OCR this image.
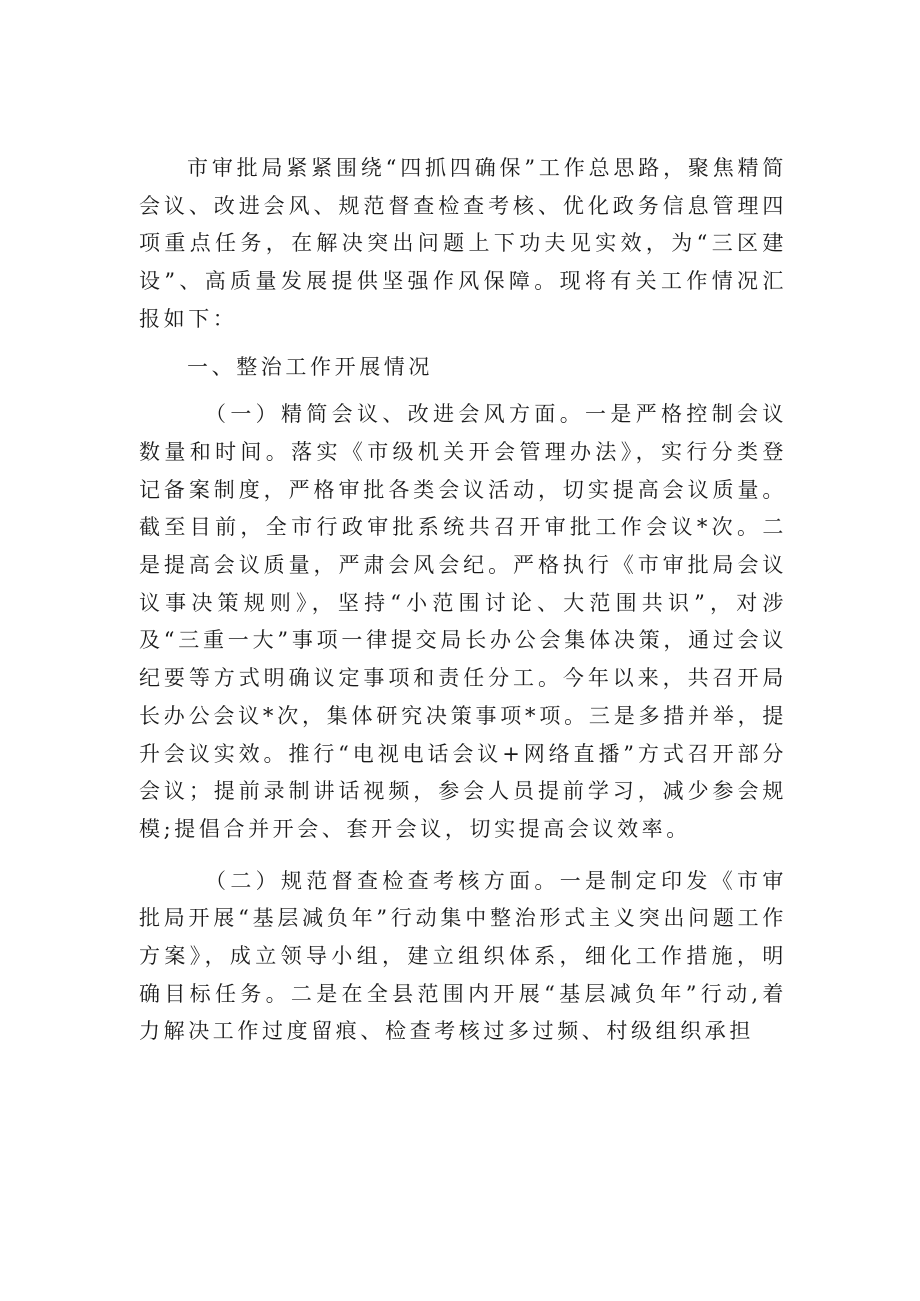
市审批局紧紧围绕“四抓四确保”工作总思路，聚焦精简会议、改进会风、规范督查检查考核、优化政务信息管理四项重点任务，在解决突出问题上下功夫见实效，为“三区建设”、高质量发展提供坚强作风保障。现将有关工作情况汇报如下：

一、整治工作开展情况

（一）精简会议、改进会风方面。一是严格控制会议数量和时间。落实《市级机关开会管理办法》，实行分类登记备案制度，严格审批各类会议活动，切实提高会议质量。截至目前，全市行政审批系统共召开审批工作会议*次。二是提高会议质量，严肃会风会纪。严格执行《市审批局会议议事决策规则》，坚持“小范围讨论、大范围共识”，对涉及“三重一大”事项一律提交局长办公会集体决策，通过会议纪要等方式明确议定事项和责任分工。今年以来，共召开局长办公会议*次，集体研究决策事项*项。三是多措并举，提升会议实效。推行“电视电话会议+网络直播”方式召开部分会议；提前录制讲话视频，参会人员提前学习，减少参会规模;提倡合并开会、套开会议，切实提高会议效率。

（二）规范督查检查考核方面。一是制定印发《市审批局开展“基层减负年”行动集中整治形式主义突出问题工作方案》，成立领导小组，建立组织体系，细化工作措施，明确目标任务。二是在全县范围内开展“基层减负年”行动,着力解决工作过度留痕、检查考核过多过频、村级组织承担
